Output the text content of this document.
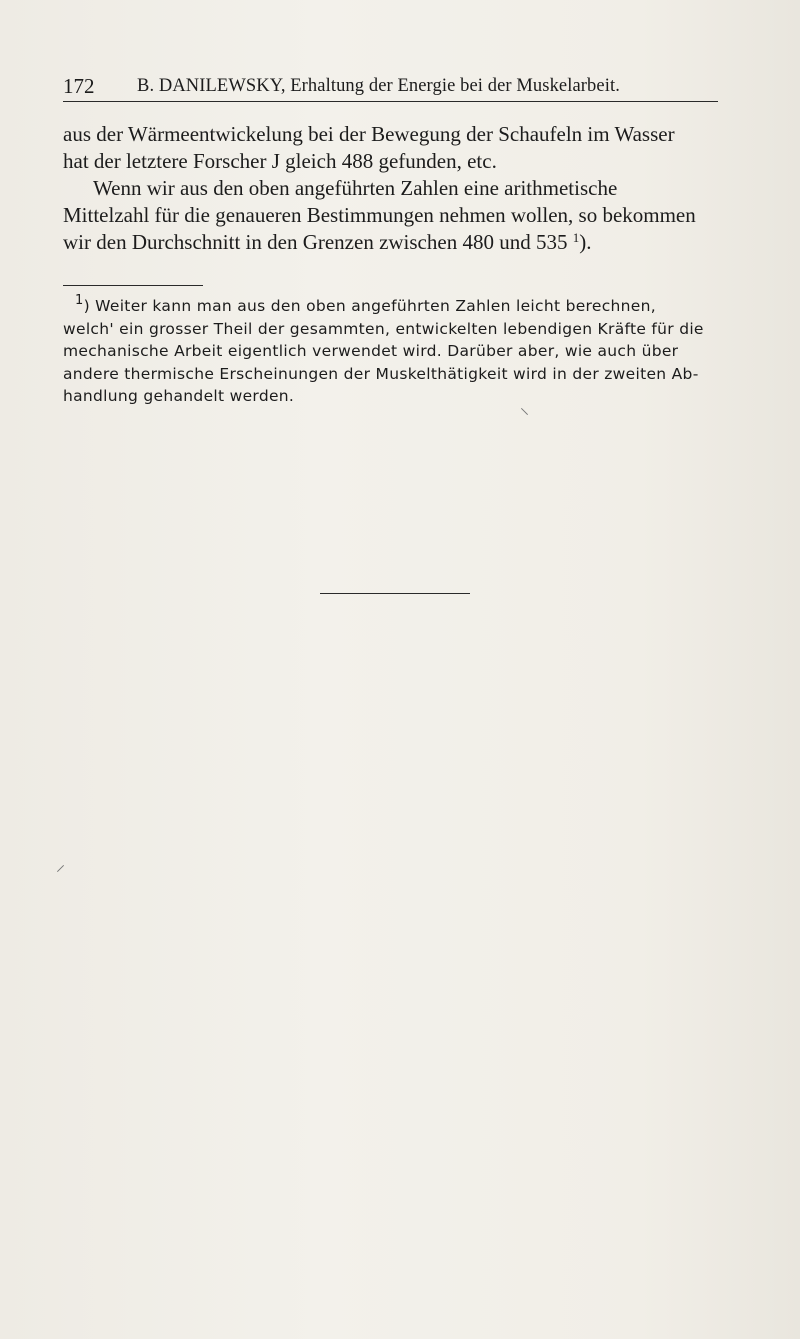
172 B. DANILEWSKY, Erhaltung der Energie bei der Muskelarbeit.
aus der Wärmeentwickelung bei der Bewegung der Schaufeln im Wasser
hat der letztere Forscher J gleich 488 gefunden, etc.
Wenn wir aus den oben angeführten Zahlen eine arithmetische
Mittelzahl für die genaueren Bestimmungen nehmen wollen, so bekommen
wir den Durchschnitt in den Grenzen zwischen 480 und 535 $^1$).
$^1$) Weiter kann man aus den oben angeführten Zahlen leicht berechnen,
welch' ein grosser Theil der gesammten, entwickelten lebendigen Kräfte für die
mechanische Arbeit eigentlich verwendet wird. Darüber aber, wie auch über
andere thermische Erscheinungen der Muskelthätigkeit wird in der zweiten Ab-
handlung gehandelt werden.
